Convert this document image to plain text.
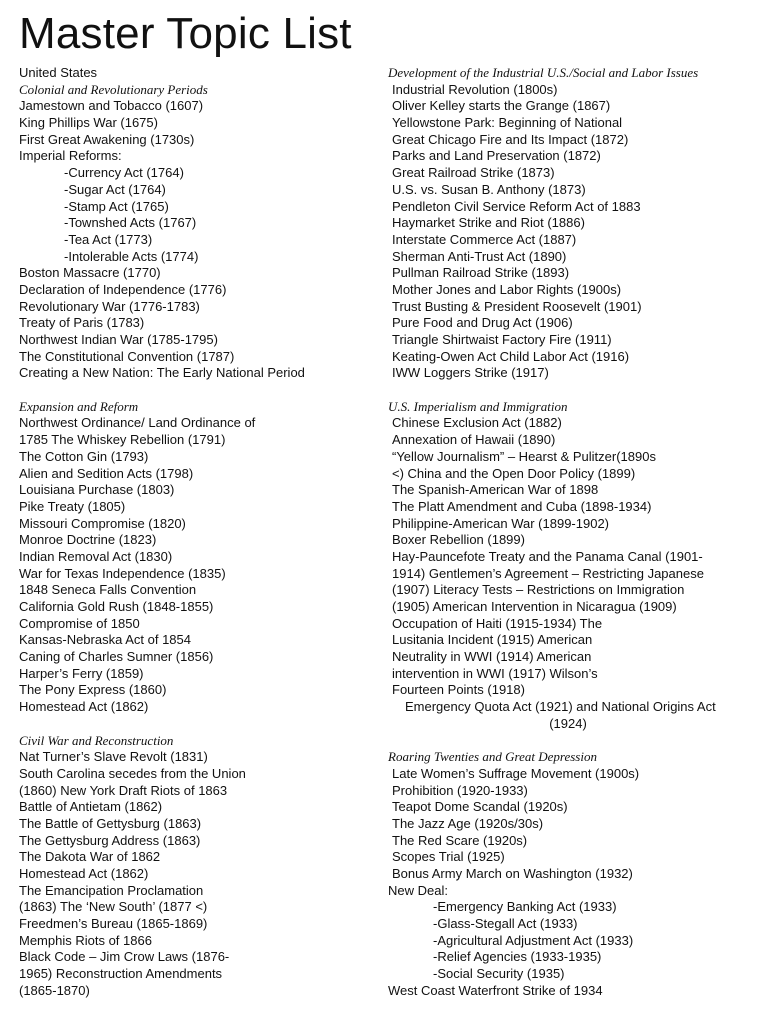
Master Topic List
United States
Colonial and Revolutionary Periods
Jamestown and Tobacco (1607)
King Phillips War (1675)
First Great Awakening (1730s)
Imperial Reforms:
-Currency Act (1764)
-Sugar Act (1764)
-Stamp Act (1765)
-Townshed Acts (1767)
-Tea Act (1773)
-Intolerable Acts (1774)
Boston Massacre (1770)
Declaration of Independence (1776)
Revolutionary War (1776-1783)
Treaty of Paris (1783)
Northwest Indian War (1785-1795)
The Constitutional Convention (1787)
Creating a New Nation: The Early National Period
Expansion and Reform
Northwest Ordinance/ Land Ordinance of
1785 The Whiskey Rebellion (1791)
The Cotton Gin (1793)
Alien and Sedition Acts (1798)
Louisiana Purchase (1803)
Pike Treaty (1805)
Missouri Compromise (1820)
Monroe Doctrine (1823)
Indian Removal Act (1830)
War for Texas Independence (1835)
1848 Seneca Falls Convention
California Gold Rush (1848-1855)
Compromise of 1850
Kansas-Nebraska Act of 1854
Caning of Charles Sumner (1856)
Harper’s Ferry (1859)
The Pony Express (1860)
Homestead Act (1862)
Civil War and Reconstruction
Nat Turner’s Slave Revolt (1831)
South Carolina secedes from the Union
(1860) New York Draft Riots of 1863
Battle of Antietam (1862)
The Battle of Gettysburg (1863)
The Gettysburg Address (1863)
The Dakota War of 1862
Homestead Act (1862)
The Emancipation Proclamation
(1863) The ‘New South’ (1877 <)
Freedmen’s Bureau (1865-1869)
Memphis Riots of 1866
Black Code – Jim Crow Laws (1876-
1965) Reconstruction Amendments
(1865-1870)
Development of the Industrial U.S./Social and Labor Issues
Industrial Revolution (1800s)
Oliver Kelley starts the Grange (1867)
Yellowstone Park: Beginning of National
Great Chicago Fire and Its Impact (1872)
Parks and Land Preservation (1872)
Great Railroad Strike (1873)
U.S. vs. Susan B. Anthony (1873)
Pendleton Civil Service Reform Act of 1883
Haymarket Strike and Riot (1886)
Interstate Commerce Act (1887)
Sherman Anti-Trust Act (1890)
Pullman Railroad Strike (1893)
Mother Jones and Labor Rights (1900s)
Trust Busting & President Roosevelt (1901)
Pure Food and Drug Act (1906)
Triangle Shirtwaist Factory Fire (1911)
Keating-Owen Act Child Labor Act (1916)
IWW Loggers Strike (1917)
U.S. Imperialism and Immigration
Chinese Exclusion Act (1882)
Annexation of Hawaii (1890)
“Yellow Journalism” – Hearst & Pulitzer(1890s
<) China and the Open Door Policy (1899)
The Spanish-American War of 1898
The Platt Amendment and Cuba (1898-1934)
Philippine-American War (1899-1902)
Boxer Rebellion (1899)
Hay-Pauncefote Treaty and the Panama Canal (1901-
1914) Gentlemen’s Agreement – Restricting Japanese
(1907) Literacy Tests – Restrictions on Immigration
(1905) American Intervention in Nicaragua (1909)
Occupation of Haiti (1915-1934) The
Lusitania Incident (1915) American
Neutrality in WWI (1914) American
intervention in WWI (1917) Wilson’s
Fourteen Points (1918)
Emergency Quota Act (1921) and National Origins Act
(1924)
Roaring Twenties and Great Depression
Late Women’s Suffrage Movement (1900s)
Prohibition (1920-1933)
Teapot Dome Scandal (1920s)
The Jazz Age (1920s/30s)
The Red Scare (1920s)
Scopes Trial (1925)
Bonus Army March on Washington (1932)
New Deal:
-Emergency Banking Act (1933)
-Glass-Stegall Act (1933)
-Agricultural Adjustment Act (1933)
-Relief Agencies (1933-1935)
-Social Security (1935)
West Coast Waterfront Strike of 1934
